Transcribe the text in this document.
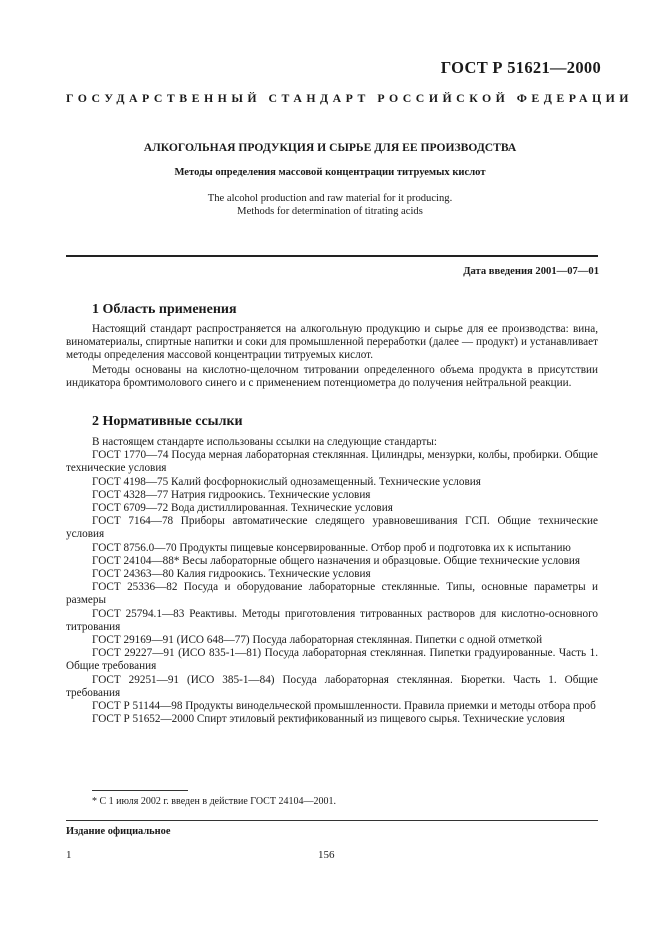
ГОСТ Р 51621—2000
ГОСУДАРСТВЕННЫЙ СТАНДАРТ РОССИЙСКОЙ ФЕДЕРАЦИИ
АЛКОГОЛЬНАЯ ПРОДУКЦИЯ И СЫРЬЕ ДЛЯ ЕЕ ПРОИЗВОДСТВА
Методы определения массовой концентрации титруемых кислот
The alcohol production and raw material for it producing.
Methods for determination of titrating acids
Дата введения 2001—07—01
1 Область применения

Настоящий стандарт распространяется на алкогольную продукцию и сырье для ее производства: вина, виноматериалы, спиртные напитки и соки для промышленной переработки (далее — продукт) и устанавливает методы определения массовой концентрации титруемых кислот.

Методы основаны на кислотно-щелочном титровании определенного объема продукта в присутствии индикатора бромтимолового синего и с применением потенциометра до получения нейтральной реакции.

2 Нормативные ссылки

В настоящем стандарте использованы ссылки на следующие стандарты:

ГОСТ 1770—74 Посуда мерная лабораторная стеклянная. Цилиндры, мензурки, колбы, пробирки. Общие технические условия

ГОСТ 4198—75 Калий фосфорнокислый однозамещенный. Технические условия

ГОСТ 4328—77 Натрия гидроокись. Технические условия

ГОСТ 6709—72 Вода дистиллированная. Технические условия

ГОСТ 7164—78 Приборы автоматические следящего уравновешивания ГСП. Общие технические условия

ГОСТ 8756.0—70 Продукты пищевые консервированные. Отбор проб и подготовка их к испытанию

ГОСТ 24104—88* Весы лабораторные общего назначения и образцовые. Общие технические условия

ГОСТ 24363—80 Калия гидроокись. Технические условия

ГОСТ 25336—82 Посуда и оборудование лабораторные стеклянные. Типы, основные параметры и размеры

ГОСТ 25794.1—83 Реактивы. Методы приготовления титрованных растворов для кислотно-основного титрования

ГОСТ 29169—91 (ИСО 648—77) Посуда лабораторная стеклянная. Пипетки с одной отметкой

ГОСТ 29227—91 (ИСО 835-1—81) Посуда лабораторная стеклянная. Пипетки градуированные. Часть 1. Общие требования

ГОСТ 29251—91 (ИСО 385-1—84) Посуда лабораторная стеклянная. Бюретки. Часть 1. Общие требования

ГОСТ Р 51144—98 Продукты винодельческой промышленности. Правила приемки и методы отбора проб

ГОСТ Р 51652—2000 Спирт этиловый ректификованный из пищевого сырья. Технические условия

* С 1 июля 2002 г. введен в действие ГОСТ 24104—2001.
Издание официальное
1	156
